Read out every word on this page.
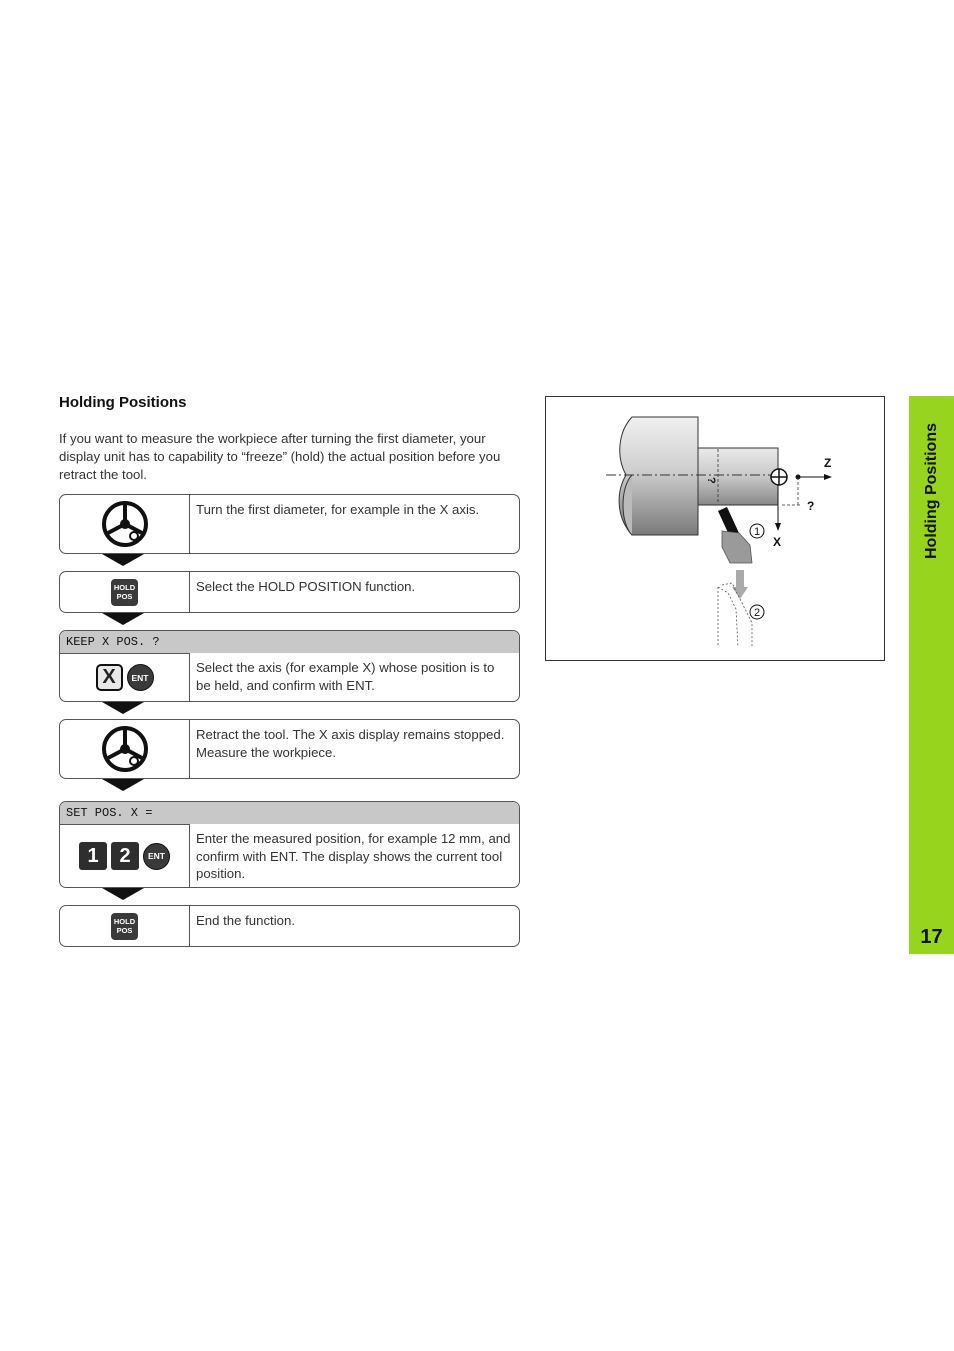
Holding Positions
If you want to measure the workpiece after turning the first diameter, your display unit has to capability to “freeze” (hold) the actual position before you retract the tool.
Turn the first diameter, for example in the X axis.
HOLD
POS
Select the HOLD POSITION function.
KEEP X POS. ?
X	ENT
Select the axis (for example X) whose position is to be held, and confirm with ENT.
Retract the tool. The X axis display remains stopped. Measure the workpiece.
SET POS. X =
1	2	ENT
Enter the measured position, for example 12 mm, and confirm with ENT. The display shows the current tool position.
HOLD
POS
End the function.
1
2
Z
X
?
?	Holding Positions
17
